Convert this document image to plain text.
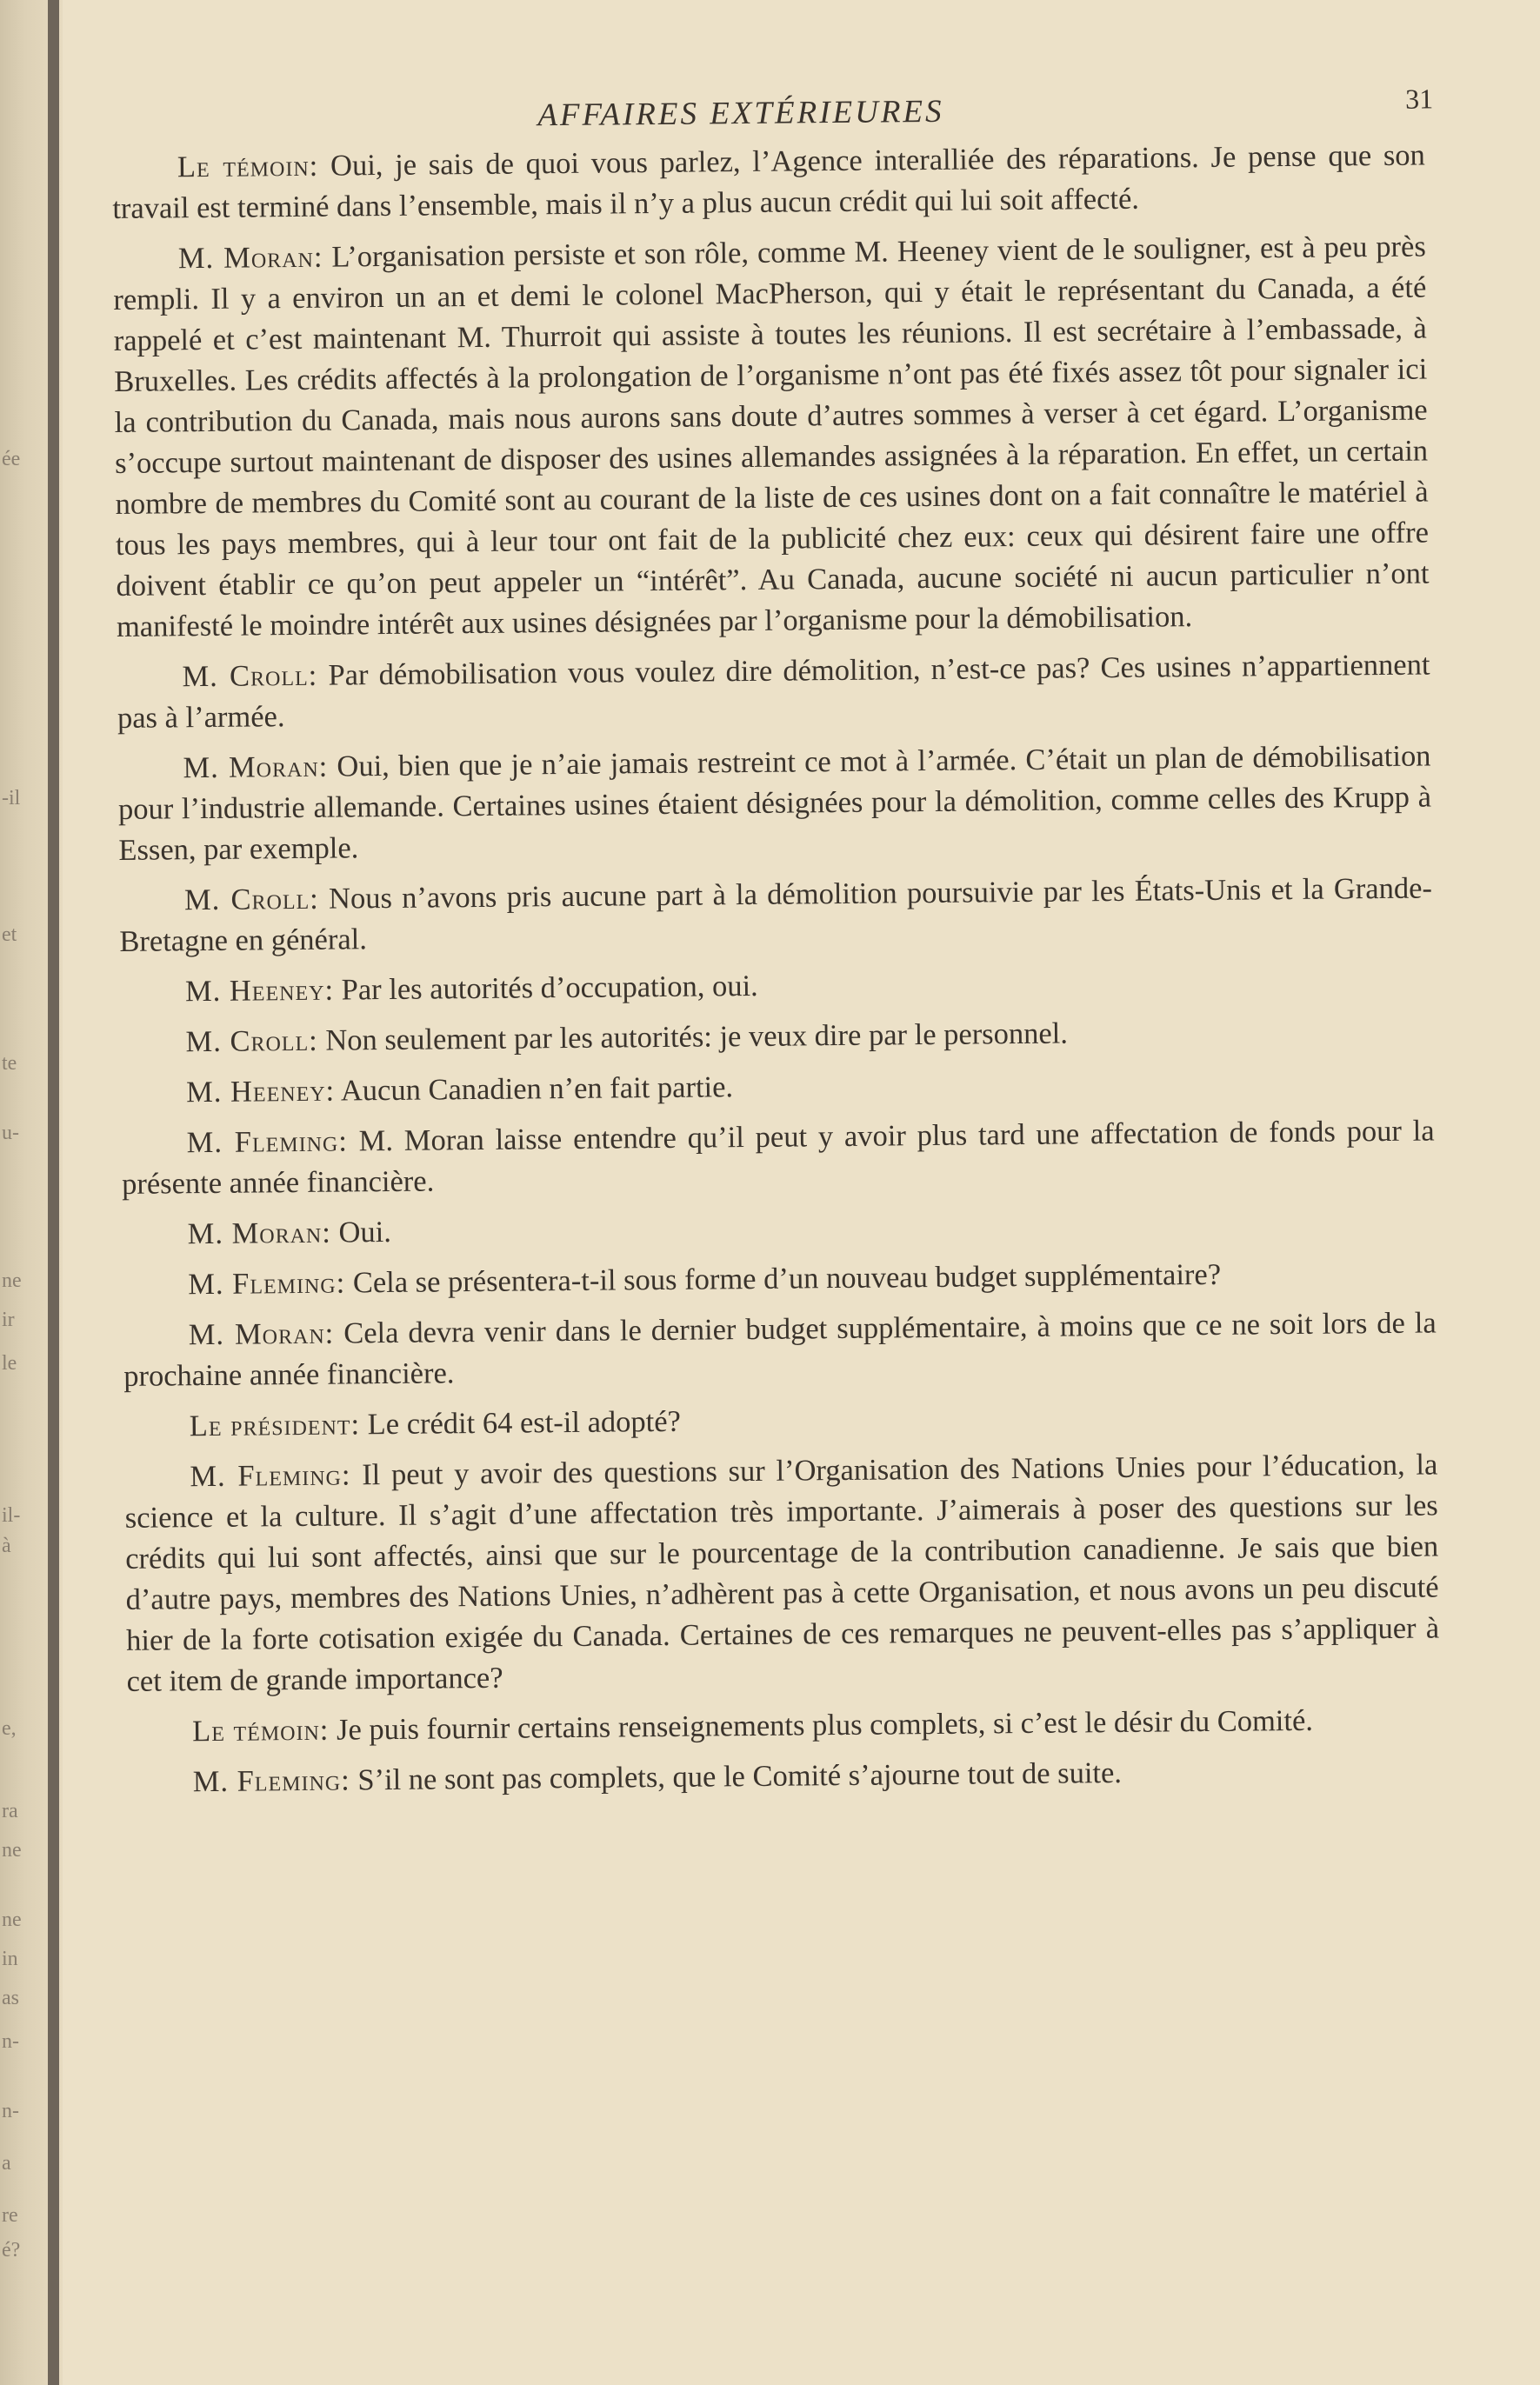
ée
-il
et
te
u-
ne
ir
le
il-
à
e,
ra
ne
ne
in
as
n-
n-
a
re
é?
AFFAIRES EXTÉRIEURES	31

Le témoin: Oui, je sais de quoi vous parlez, l’Agence interalliée des réparations. Je pense que son travail est terminé dans l’ensemble, mais il n’y a plus aucun crédit qui lui soit affecté.

M. Moran: L’organisation persiste et son rôle, comme M. Heeney vient de le souligner, est à peu près rempli. Il y a environ un an et demi le colonel MacPherson, qui y était le représentant du Canada, a été rappelé et c’est maintenant M. Thurroit qui assiste à toutes les réunions. Il est secrétaire à l’embassade, à Bruxelles. Les crédits affectés à la prolongation de l’organisme n’ont pas été fixés assez tôt pour signaler ici la contribution du Canada, mais nous aurons sans doute d’autres sommes à verser à cet égard. L’organisme s’occupe surtout maintenant de disposer des usines allemandes assignées à la réparation. En effet, un certain nombre de membres du Comité sont au courant de la liste de ces usines dont on a fait connaître le matériel à tous les pays membres, qui à leur tour ont fait de la publicité chez eux: ceux qui désirent faire une offre doivent établir ce qu’on peut appeler un “intérêt”. Au Canada, aucune société ni aucun particulier n’ont manifesté le moindre intérêt aux usines désignées par l’organisme pour la démobilisation.

M. Croll: Par démobilisation vous voulez dire démolition, n’est-ce pas? Ces usines n’appartiennent pas à l’armée.

M. Moran: Oui, bien que je n’aie jamais restreint ce mot à l’armée. C’était un plan de démobilisation pour l’industrie allemande. Certaines usines étaient désignées pour la démolition, comme celles des Krupp à Essen, par exemple.

M. Croll: Nous n’avons pris aucune part à la démolition poursuivie par les États-Unis et la Grande-Bretagne en général.

M. Heeney: Par les autorités d’occupation, oui.

M. Croll: Non seulement par les autorités: je veux dire par le personnel.

M. Heeney: Aucun Canadien n’en fait partie.

M. Fleming: M. Moran laisse entendre qu’il peut y avoir plus tard une affectation de fonds pour la présente année financière.

M. Moran: Oui.

M. Fleming: Cela se présentera-t-il sous forme d’un nouveau budget supplémentaire?

M. Moran: Cela devra venir dans le dernier budget supplémentaire, à moins que ce ne soit lors de la prochaine année financière.

Le président: Le crédit 64 est-il adopté?

M. Fleming: Il peut y avoir des questions sur l’Organisation des Nations Unies pour l’éducation, la science et la culture. Il s’agit d’une affectation très importante. J’aimerais à poser des questions sur les crédits qui lui sont affectés, ainsi que sur le pourcentage de la contribution canadienne. Je sais que bien d’autre pays, membres des Nations Unies, n’adhèrent pas à cette Organisation, et nous avons un peu discuté hier de la forte cotisation exigée du Canada. Certaines de ces remarques ne peuvent-elles pas s’appliquer à cet item de grande importance?

Le témoin: Je puis fournir certains renseignements plus complets, si c’est le désir du Comité.

M. Fleming: S’il ne sont pas complets, que le Comité s’ajourne tout de suite.
